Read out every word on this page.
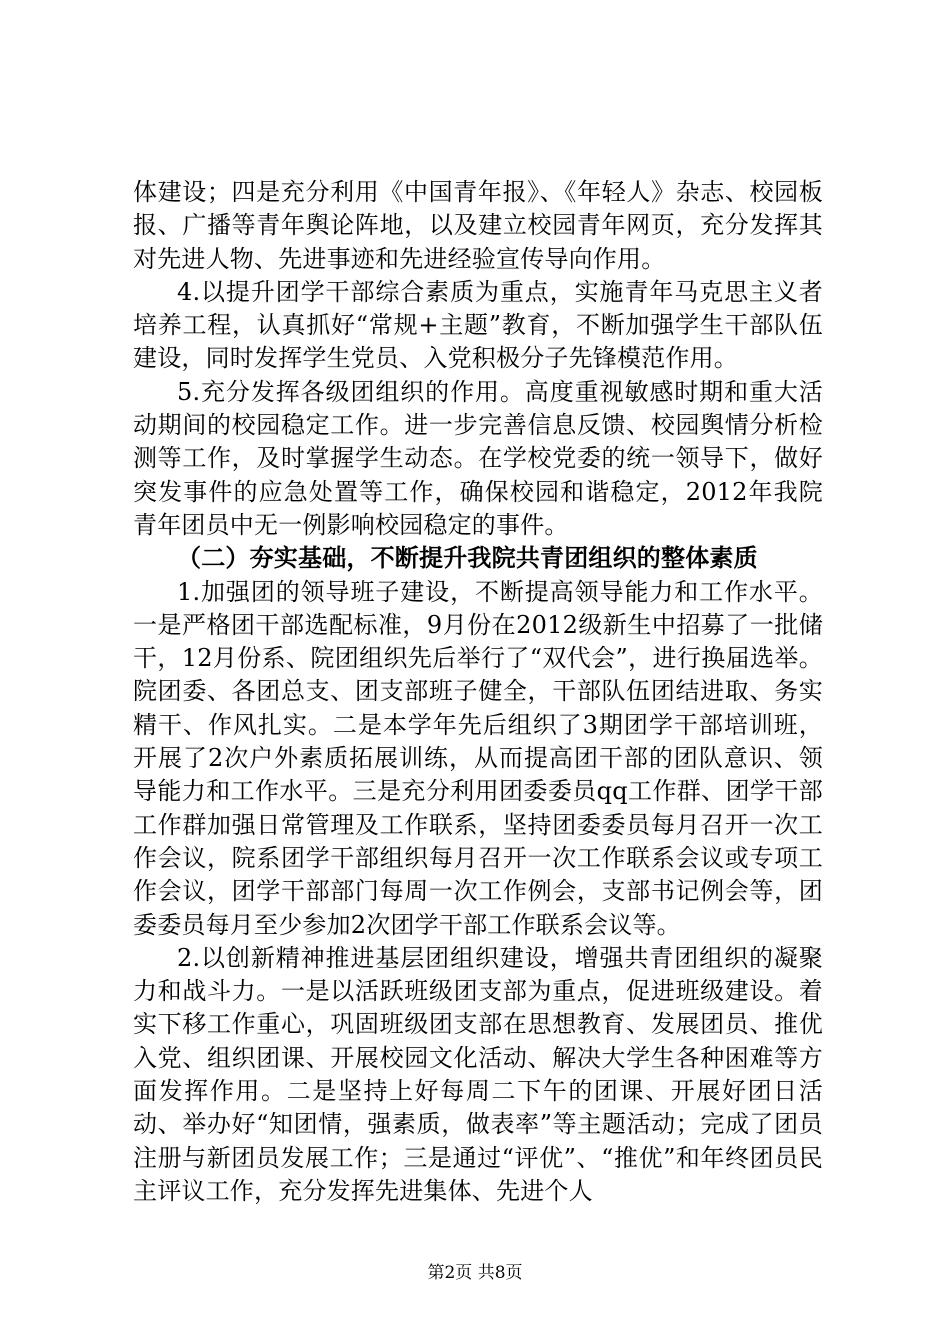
体建设；四是充分利用《中国青年报》、《年轻人》杂志、校园板报、广播等青年舆论阵地，以及建立校园青年网页，充分发挥其对先进人物、先进事迹和先进经验宣传导向作用。

4.以提升团学干部综合素质为重点，实施青年马克思主义者培养工程，认真抓好“常规+主题”教育，不断加强学生干部队伍建设，同时发挥学生党员、入党积极分子先锋模范作用。

5.充分发挥各级团组织的作用。高度重视敏感时期和重大活动期间的校园稳定工作。进一步完善信息反馈、校园舆情分析检测等工作，及时掌握学生动态。在学校党委的统一领导下，做好突发事件的应急处置等工作，确保校园和谐稳定，2012年我院青年团员中无一例影响校园稳定的事件。

（二）夯实基础，不断提升我院共青团组织的整体素质

1.加强团的领导班子建设，不断提高领导能力和工作水平。一是严格团干部选配标准，9月份在2012级新生中招募了一批储干，12月份系、院团组织先后举行了“双代会”，进行换届选举。院团委、各团总支、团支部班子健全，干部队伍团结进取、务实精干、作风扎实。二是本学年先后组织了3期团学干部培训班，开展了2次户外素质拓展训练，从而提高团干部的团队意识、领导能力和工作水平。三是充分利用团委委员qq工作群、团学干部工作群加强日常管理及工作联系，坚持团委委员每月召开一次工作会议，院系团学干部组织每月召开一次工作联系会议或专项工作会议，团学干部部门每周一次工作例会，支部书记例会等，团委委员每月至少参加2次团学干部工作联系会议等。

2.以创新精神推进基层团组织建设，增强共青团组织的凝聚力和战斗力。一是以活跃班级团支部为重点，促进班级建设。着实下移工作重心，巩固班级团支部在思想教育、发展团员、推优入党、组织团课、开展校园文化活动、解决大学生各种困难等方面发挥作用。二是坚持上好每周二下午的团课、开展好团日活动、举办好“知团情，强素质，做表率”等主题活动；完成了团员注册与新团员发展工作；三是通过“评优”、“推优”和年终团员民主评议工作，充分发挥先进集体、先进个人

第2页 共8页
